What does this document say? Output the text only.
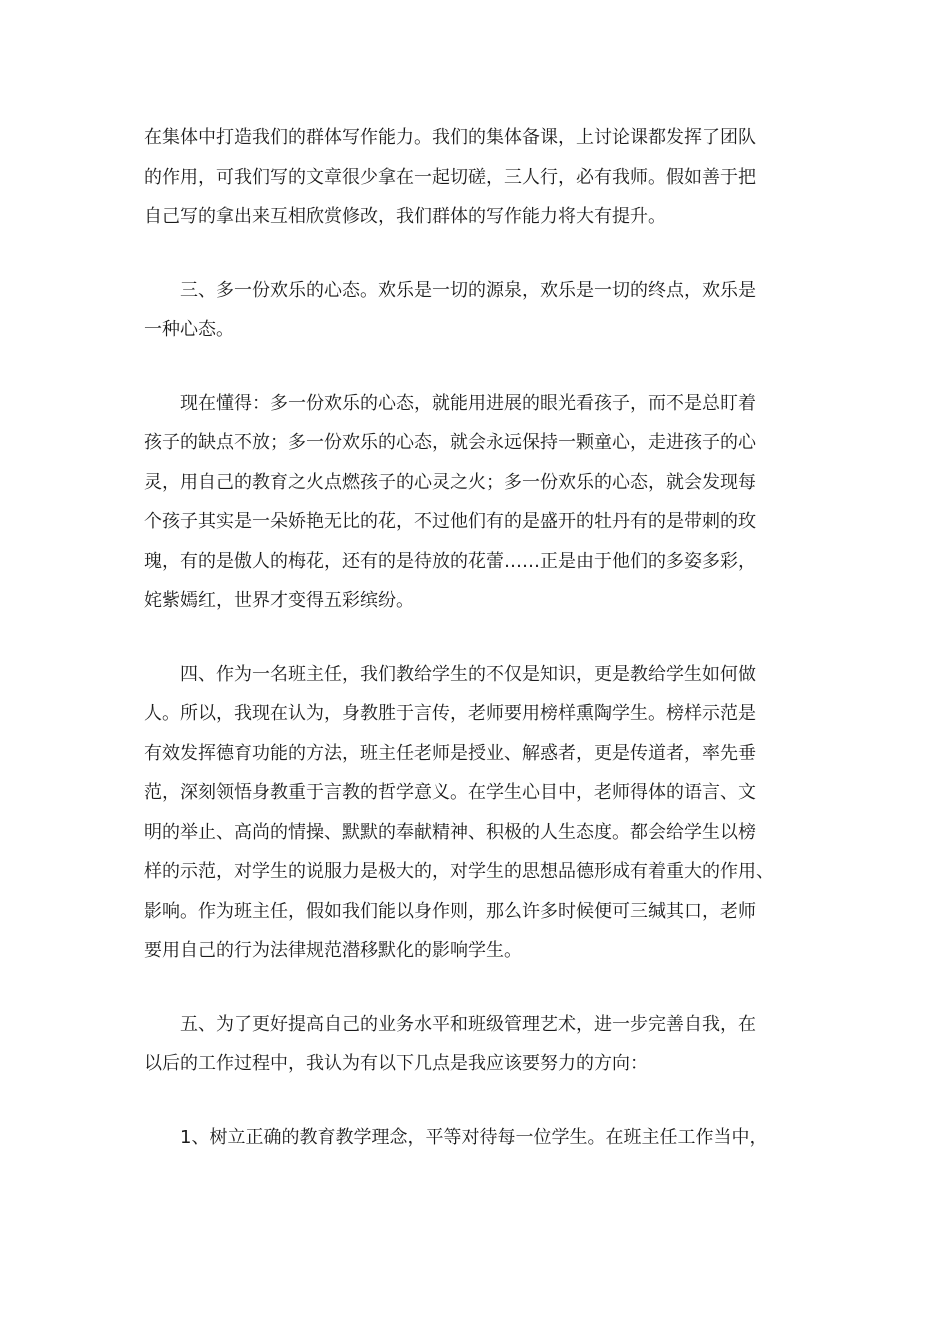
在集体中打造我们的群体写作能力。我们的集体备课，上讨论课都发挥了团队
的作用，可我们写的文章很少拿在一起切磋，三人行，必有我师。假如善于把
自己写的拿出来互相欣赏修改，我们群体的写作能力将大有提升。
　　三、多一份欢乐的心态。欢乐是一切的源泉，欢乐是一切的终点，欢乐是
一种心态。
　　现在懂得：多一份欢乐的心态，就能用进展的眼光看孩子，而不是总盯着
孩子的缺点不放；多一份欢乐的心态，就会永远保持一颗童心，走进孩子的心
灵，用自己的教育之火点燃孩子的心灵之火；多一份欢乐的心态，就会发现每
个孩子其实是一朵娇艳无比的花，不过他们有的是盛开的牡丹有的是带刺的玫
瑰，有的是傲人的梅花，还有的是待放的花蕾……正是由于他们的多姿多彩，
姹紫嫣红，世界才变得五彩缤纷。
　　四、作为一名班主任，我们教给学生的不仅是知识，更是教给学生如何做
人。所以，我现在认为，身教胜于言传，老师要用榜样熏陶学生。榜样示范是
有效发挥德育功能的方法，班主任老师是授业、解惑者，更是传道者，率先垂
范，深刻领悟身教重于言教的哲学意义。在学生心目中，老师得体的语言、文
明的举止、高尚的情操、默默的奉献精神、积极的人生态度。都会给学生以榜
样的示范，对学生的说服力是极大的，对学生的思想品德形成有着重大的作用、
影响。作为班主任，假如我们能以身作则，那么许多时候便可三缄其口，老师
要用自己的行为法律规范潜移默化的影响学生。
　　五、为了更好提高自己的业务水平和班级管理艺术，进一步完善自我，在
以后的工作过程中，我认为有以下几点是我应该要努力的方向：
　　1、树立正确的教育教学理念，平等对待每一位学生。在班主任工作当中，
